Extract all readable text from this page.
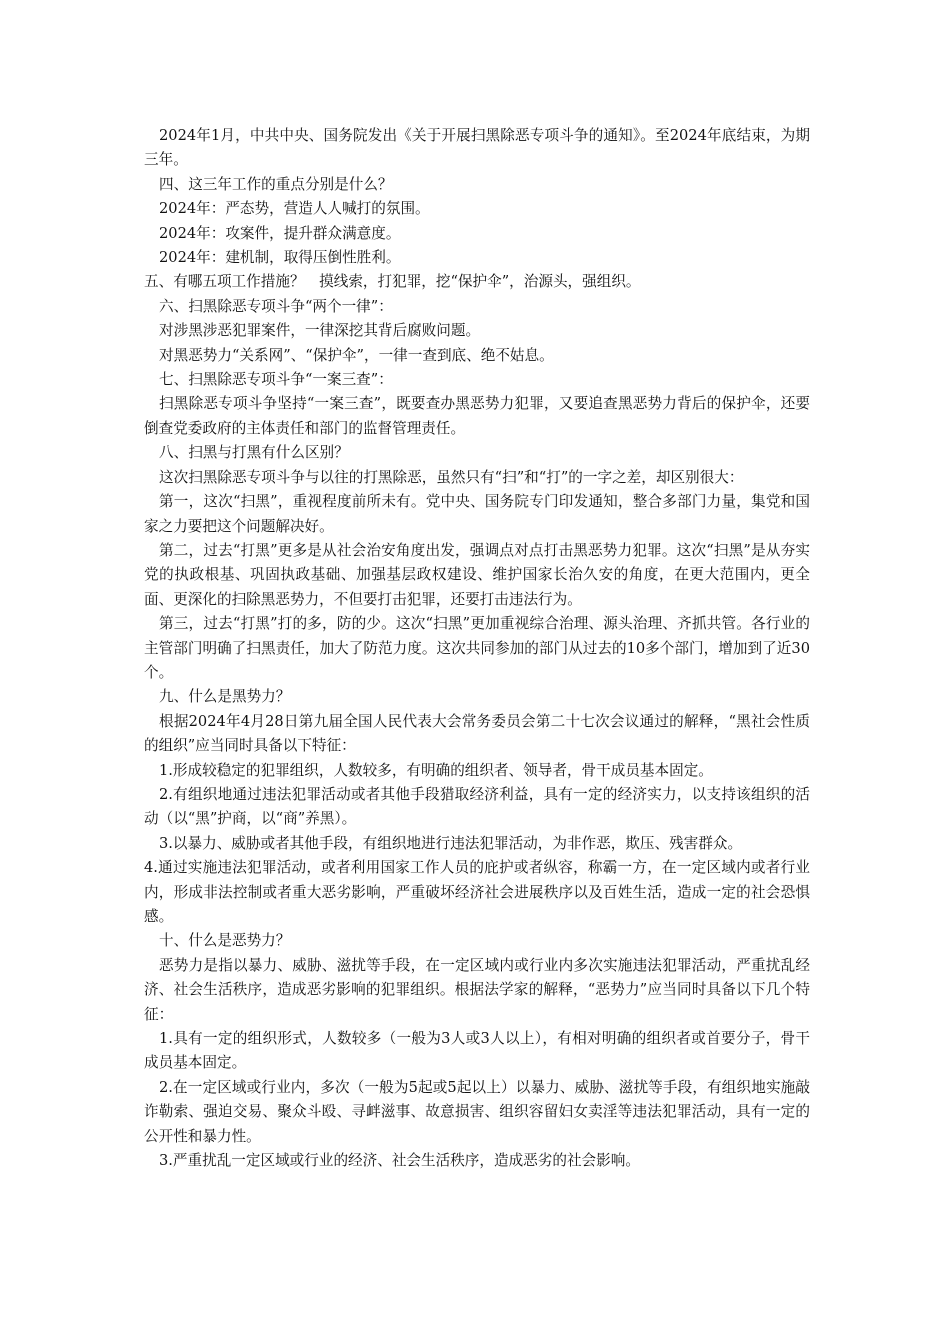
2024年1月，中共中央、国务院发出《关于开展扫黑除恶专项斗争的通知》。至2024年底结束，为期三年。

四、这三年工作的重点分别是什么？

2024年：严态势，营造人人喊打的氛围。

2024年：攻案件，提升群众满意度。

2024年：建机制，取得压倒性胜利。

五、有哪五项工作措施？　摸线索，打犯罪，挖“保护伞”，治源头，强组织。

六、扫黑除恶专项斗争“两个一律”：

对涉黑涉恶犯罪案件，一律深挖其背后腐败问题。

对黑恶势力“关系网”、“保护伞”，一律一查到底、绝不姑息。

七、扫黑除恶专项斗争“一案三查”：

扫黑除恶专项斗争坚持“一案三查”，既要查办黑恶势力犯罪，又要追查黑恶势力背后的保护伞，还要倒查党委政府的主体责任和部门的监督管理责任。

八、扫黑与打黑有什么区别？

这次扫黑除恶专项斗争与以往的打黑除恶，虽然只有“扫”和“打”的一字之差，却区别很大：

第一，这次“扫黑”，重视程度前所未有。党中央、国务院专门印发通知，整合多部门力量，集党和国家之力要把这个问题解决好。

第二，过去“打黑”更多是从社会治安角度出发，强调点对点打击黑恶势力犯罪。这次“扫黑”是从夯实党的执政根基、巩固执政基础、加强基层政权建设、维护国家长治久安的角度，在更大范围内，更全面、更深化的扫除黑恶势力，不但要打击犯罪，还要打击违法行为。

第三，过去“打黑”打的多，防的少。这次“扫黑”更加重视综合治理、源头治理、齐抓共管。各行业的主管部门明确了扫黑责任，加大了防范力度。这次共同参加的部门从过去的10多个部门，增加到了近30个。

九、什么是黑势力？

根据2024年4月28日第九届全国人民代表大会常务委员会第二十七次会议通过的解释，“黑社会性质的组织”应当同时具备以下特征：

1.形成较稳定的犯罪组织，人数较多，有明确的组织者、领导者，骨干成员基本固定。

2.有组织地通过违法犯罪活动或者其他手段猎取经济利益，具有一定的经济实力，以支持该组织的活动（以“黑”护商，以“商”养黑）。

3.以暴力、威胁或者其他手段，有组织地进行违法犯罪活动，为非作恶，欺压、残害群众。

4.通过实施违法犯罪活动，或者利用国家工作人员的庇护或者纵容，称霸一方，在一定区域内或者行业内，形成非法控制或者重大恶劣影响，严重破坏经济社会进展秩序以及百姓生活，造成一定的社会恐惧感。

十、什么是恶势力？

恶势力是指以暴力、威胁、滋扰等手段，在一定区域内或行业内多次实施违法犯罪活动，严重扰乱经济、社会生活秩序，造成恶劣影响的犯罪组织。根据法学家的解释，“恶势力”应当同时具备以下几个特征：

1.具有一定的组织形式，人数较多（一般为3人或3人以上），有相对明确的组织者或首要分子，骨干成员基本固定。

2.在一定区域或行业内，多次（一般为5起或5起以上）以暴力、威胁、滋扰等手段，有组织地实施敲诈勒索、强迫交易、聚众斗殴、寻衅滋事、故意损害、组织容留妇女卖淫等违法犯罪活动，具有一定的公开性和暴力性。

3.严重扰乱一定区域或行业的经济、社会生活秩序，造成恶劣的社会影响。
